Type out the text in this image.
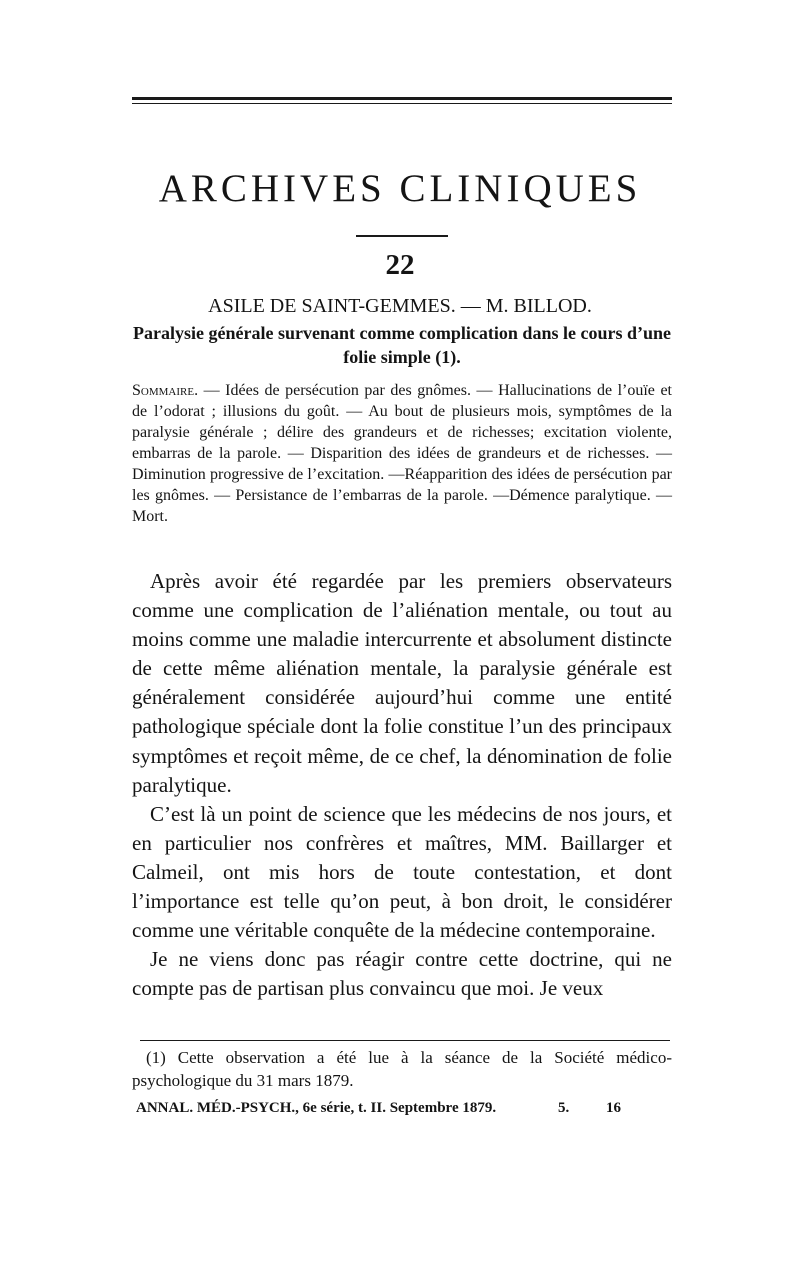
ARCHIVES CLINIQUES
22
ASILE DE SAINT-GEMMES. — M. BILLOD.
Paralysie générale survenant comme complication dans le cours d’une folie simple (1).
Sommaire. — Idées de persécution par des gnômes. — Hallucinations de l’ouïe et de l’odorat ; illusions du goût. — Au bout de plusieurs mois, symptômes de la paralysie générale ; délire des grandeurs et de richesses; excitation violente, embarras de la parole. — Disparition des idées de grandeurs et de richesses. — Diminution progressive de l’excitation. —Réapparition des idées de persécution par les gnômes. — Persistance de l’embarras de la parole. —Démence paralytique. — Mort.

Après avoir été regardée par les premiers observateurs comme une complication de l’aliénation mentale, ou tout au moins comme une maladie intercurrente et absolument distincte de cette même aliénation mentale, la paralysie générale est généralement considérée aujourd’hui comme une entité pathologique spéciale dont la folie constitue l’un des principaux symptômes et reçoit même, de ce chef, la dénomination de folie paralytique.

C’est là un point de science que les médecins de nos jours, et en particulier nos confrères et maîtres, MM. Baillarger et Calmeil, ont mis hors de toute contestation, et dont l’importance est telle qu’on peut, à bon droit, le considérer comme une véritable conquête de la médecine contemporaine.

Je ne viens donc pas réagir contre cette doctrine, qui ne compte pas de partisan plus convaincu que moi. Je veux

(1) Cette observation a été lue à la séance de la Société médico-psychologique du 31 mars 1879.
ANNAL. MÉD.-PSYCH., 6e série, t. II. Septembre 1879.	5. 16
